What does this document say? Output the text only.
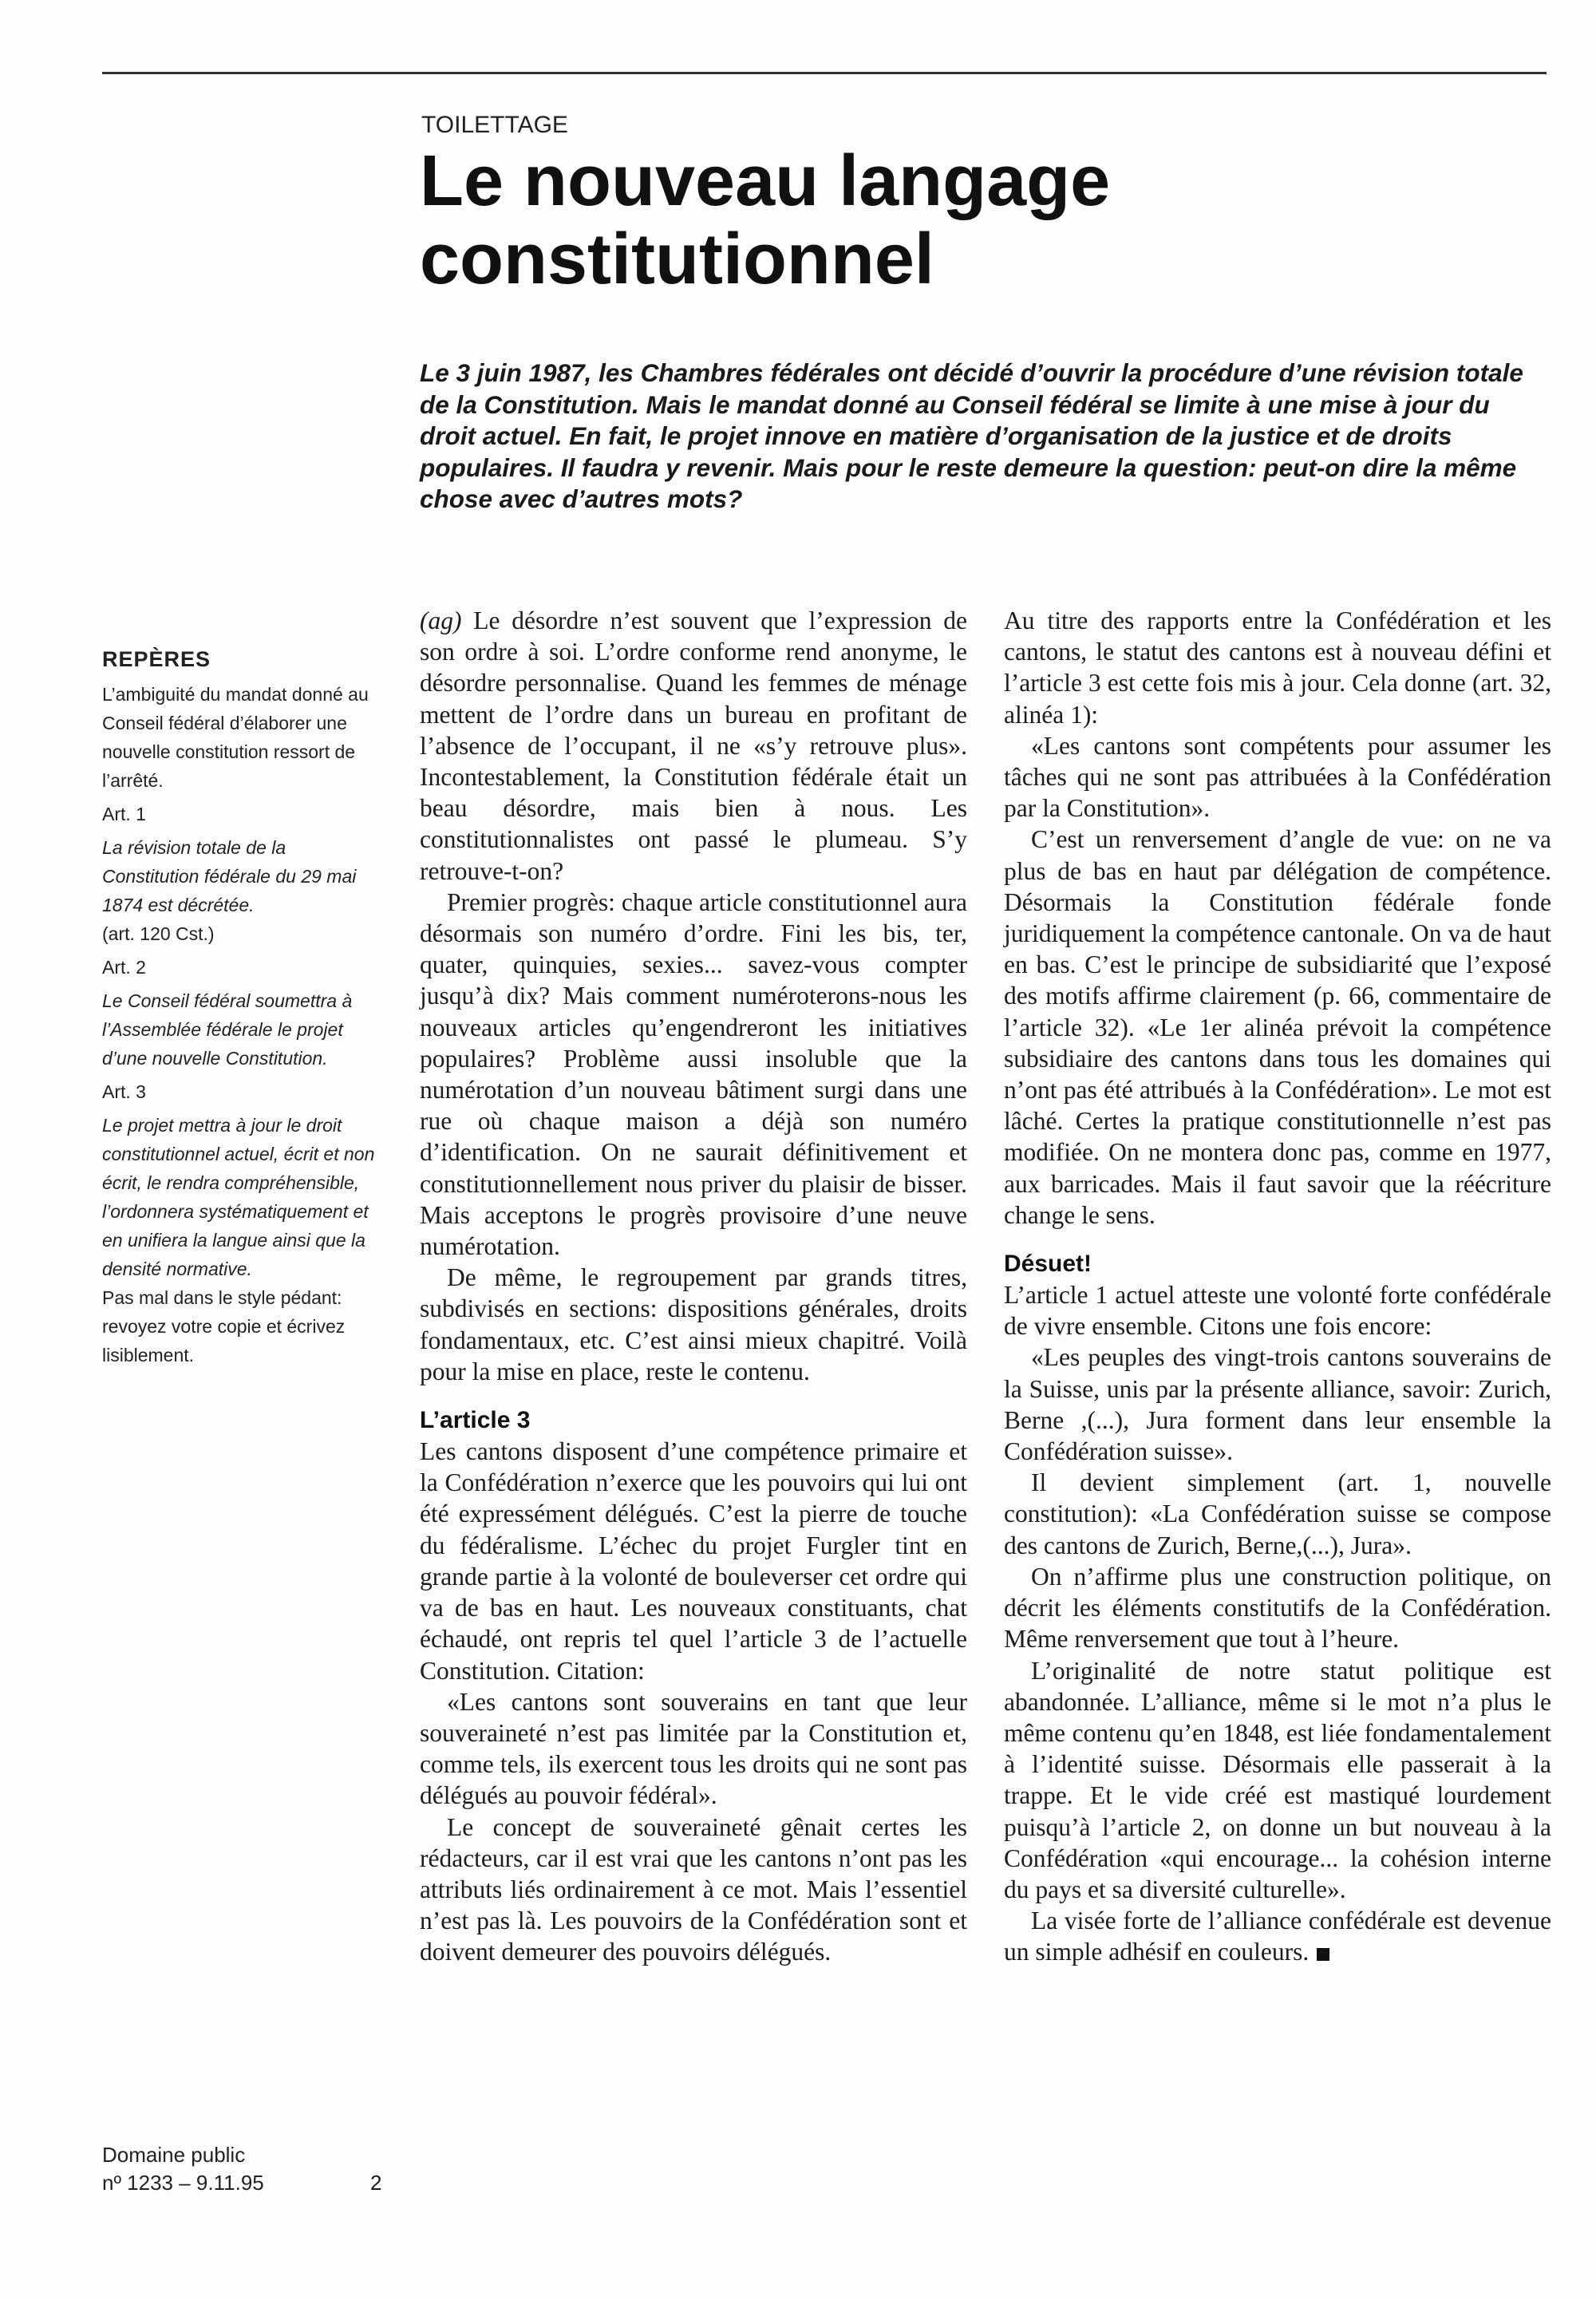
TOILETTAGE
Le nouveau langage
constitutionnel

Le 3 juin 1987, les Chambres fédérales ont décidé d’ouvrir la procédure d’une révision totale de la Constitution. Mais le mandat donné au Conseil fédéral se limite à une mise à jour du droit actuel. En fait, le projet innove en matière d’organisation de la justice et de droits populaires. Il faudra y revenir. Mais pour le reste demeure la question: peut-on dire la même chose avec d’autres mots?

REPÈRES

L’ambiguité du mandat donné au Conseil fédéral d’élaborer une nouvelle constitution ressort de l’arrêté.

Art. 1

La révision totale de la Constitution fédérale du 29 mai 1874 est décrétée.

(art. 120 Cst.)

Art. 2

Le Conseil fédéral soumettra à l’Assemblée fédérale le projet d’une nouvelle Constitution.

Art. 3

Le projet mettra à jour le droit constitutionnel actuel, écrit et non écrit, le rendra compréhensible, l’ordonnera systématiquement et en unifiera la langue ainsi que la densité normative.

Pas mal dans le style pédant: revoyez votre copie et écrivez lisiblement.

Domaine public
nº 1233 – 9.11.95	2

(ag) Le désordre n’est souvent que l’expression de son ordre à soi. L’ordre conforme rend anonyme, le désordre personnalise. Quand les femmes de ménage mettent de l’ordre dans un bureau en profitant de l’absence de l’occupant, il ne «s’y retrouve plus». Incontestablement, la Constitution fédérale était un beau désordre, mais bien à nous. Les constitutionnalistes ont passé le plumeau. S’y retrouve-t-on?

Premier progrès: chaque article constitutionnel aura désormais son numéro d’ordre. Fini les bis, ter, quater, quinquies, sexies... savez-vous compter jusqu’à dix? Mais comment numéroterons-nous les nouveaux articles qu’engendreront les initiatives populaires? Problème aussi insoluble que la numérotation d’un nouveau bâtiment surgi dans une rue où chaque maison a déjà son numéro d’identification. On ne saurait définitivement et constitutionnellement nous priver du plaisir de bisser. Mais acceptons le progrès provisoire d’une neuve numérotation.

De même, le regroupement par grands titres, subdivisés en sections: dispositions générales, droits fondamentaux, etc. C’est ainsi mieux chapitré. Voilà pour la mise en place, reste le contenu.

L’article 3

Les cantons disposent d’une compétence primaire et la Confédération n’exerce que les pouvoirs qui lui ont été expressément délégués. C’est la pierre de touche du fédéralisme. L’échec du projet Furgler tint en grande partie à la volonté de bouleverser cet ordre qui va de bas en haut. Les nouveaux constituants, chat échaudé, ont repris tel quel l’article 3 de l’actuelle Constitution. Citation:

«Les cantons sont souverains en tant que leur souveraineté n’est pas limitée par la Constitution et, comme tels, ils exercent tous les droits qui ne sont pas délégués au pouvoir fédéral».

Le concept de souveraineté gênait certes les rédacteurs, car il est vrai que les cantons n’ont pas les attributs liés ordinairement à ce mot. Mais l’essentiel n’est pas là. Les pouvoirs de la Confédération sont et doivent demeurer des pouvoirs délégués.

Au titre des rapports entre la Confédération et les cantons, le statut des cantons est à nouveau défini et l’article 3 est cette fois mis à jour. Cela donne (art. 32, alinéa 1):

«Les cantons sont compétents pour assumer les tâches qui ne sont pas attribuées à la Confédération par la Constitution».

C’est un renversement d’angle de vue: on ne va plus de bas en haut par délégation de compétence. Désormais la Constitution fédérale fonde juridiquement la compétence cantonale. On va de haut en bas. C’est le principe de subsidiarité que l’exposé des motifs affirme clairement (p. 66, commentaire de l’article 32). «Le 1er alinéa prévoit la compétence subsidiaire des cantons dans tous les domaines qui n’ont pas été attribués à la Confédération». Le mot est lâché. Certes la pratique constitutionnelle n’est pas modifiée. On ne montera donc pas, comme en 1977, aux barricades. Mais il faut savoir que la réécriture change le sens.

Désuet!

L’article 1 actuel atteste une volonté forte confédérale de vivre ensemble. Citons une fois encore:

«Les peuples des vingt-trois cantons souverains de la Suisse, unis par la présente alliance, savoir: Zurich, Berne ,(...), Jura forment dans leur ensemble la Confédération suisse».

Il devient simplement (art. 1, nouvelle constitution): «La Confédération suisse se compose des cantons de Zurich, Berne,(...), Jura».

On n’affirme plus une construction politique, on décrit les éléments constitutifs de la Confédération. Même renversement que tout à l’heure.

L’originalité de notre statut politique est abandonnée. L’alliance, même si le mot n’a plus le même contenu qu’en 1848, est liée fondamentalement à l’identité suisse. Désormais elle passerait à la trappe. Et le vide créé est mastiqué lourdement puisqu’à l’article 2, on donne un but nouveau à la Confédération «qui encourage... la cohésion interne du pays et sa diversité culturelle».

La visée forte de l’alliance confédérale est devenue un simple adhésif en couleurs.
